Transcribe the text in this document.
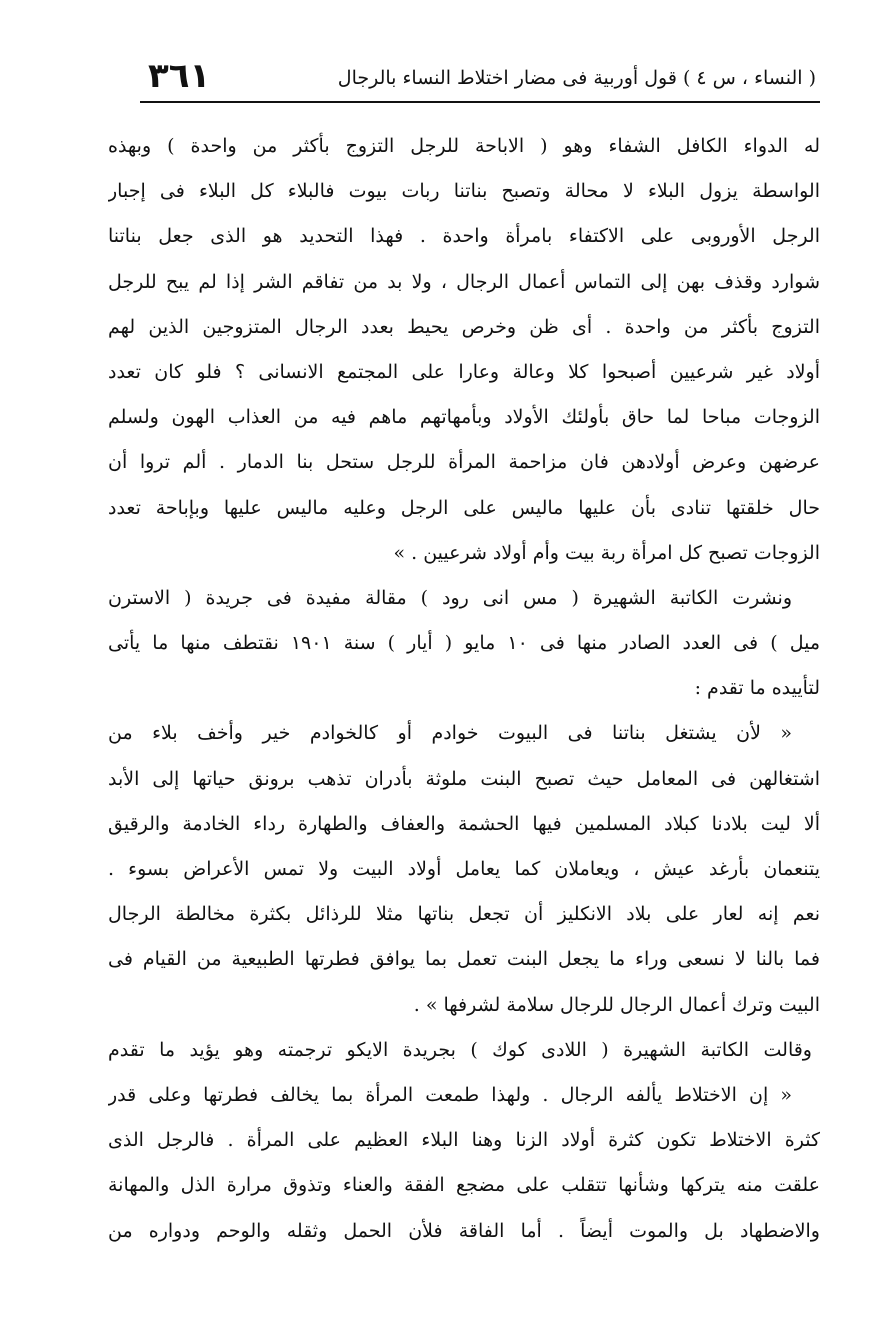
٣٦١	( النساء ، س ٤ ) قول أوربية فى مضار اختلاط النساء بالرجال
له الدواء الكافل الشفاء وهو ( الاباحة للرجل التزوج بأكثر من واحدة ) وبهذه
الواسطة يزول البلاء لا محالة وتصبح بناتنا ربات بيوت فالبلاء كل البلاء فى إجبار
الرجل الأوروبى على الاكتفاء بامرأة واحدة . فهذا التحديد هو الذى جعل بناتنا
شوارد وقذف بهن إلى التماس أعمال الرجال ، ولا بد من تفاقم الشر إذا لم يبح للرجل
التزوج بأكثر من واحدة . أى ظن وخرص يحيط بعدد الرجال المتزوجين الذين لهم
أولاد غير شرعيين أصبحوا كلا وعالة وعارا على المجتمع الانسانى ؟ فلو كان تعدد
الزوجات مباحا لما حاق بأولئك الأولاد وبأمهاتهم ماهم فيه من العذاب الهون ولسلم
عرضهن وعرض أولادهن فان مزاحمة المرأة للرجل ستحل بنا الدمار . ألم تروا أن
حال خلقتها تنادى بأن عليها ماليس على الرجل وعليه ماليس عليها وبإباحة تعدد
الزوجات تصبح كل امرأة ربة بيت وأم أولاد شرعيين . »
ونشرت الكاتبة الشهيرة ( مس انى رود ) مقالة مفيدة فى جريدة ( الاسترن
ميل ) فى العدد الصادر منها فى ١٠ مايو ( أيار ) سنة ١٩٠١ نقتطف منها ما يأتى
لتأييده ما تقدم :
« لأن يشتغل بناتنا فى البيوت خوادم أو كالخوادم خير وأخف بلاء من
اشتغالهن فى المعامل حيث تصبح البنت ملوثة بأدران تذهب برونق حياتها إلى الأبد
ألا ليت بلادنا كبلاد المسلمين فيها الحشمة والعفاف والطهارة رداء الخادمة والرقيق
يتنعمان بأرغد عيش ، ويعاملان كما يعامل أولاد البيت ولا تمس الأعراض بسوء .
نعم إنه لعار على بلاد الانكليز أن تجعل بناتها مثلا للرذائل بكثرة مخالطة الرجال
فما بالنا لا نسعى وراء ما يجعل البنت تعمل بما يوافق فطرتها الطبيعية من القيام فى
البيت وترك أعمال الرجال للرجال سلامة لشرفها » .
وقالت الكاتبة الشهيرة ( اللادى كوك ) بجريدة الايكو ترجمته وهو يؤيد ما تقدم
« إن الاختلاط يألفه الرجال . ولهذا طمعت المرأة بما يخالف فطرتها وعلى قدر
كثرة الاختلاط تكون كثرة أولاد الزنا وهنا البلاء العظيم على المرأة . فالرجل الذى
علقت منه يتركها وشأنها تتقلب على مضجع الفقة والعناء وتذوق مرارة الذل والمهانة
والاضطهاد بل والموت أيضاً . أما الفاقة فلأن الحمل وثقله والوحم ودواره من
